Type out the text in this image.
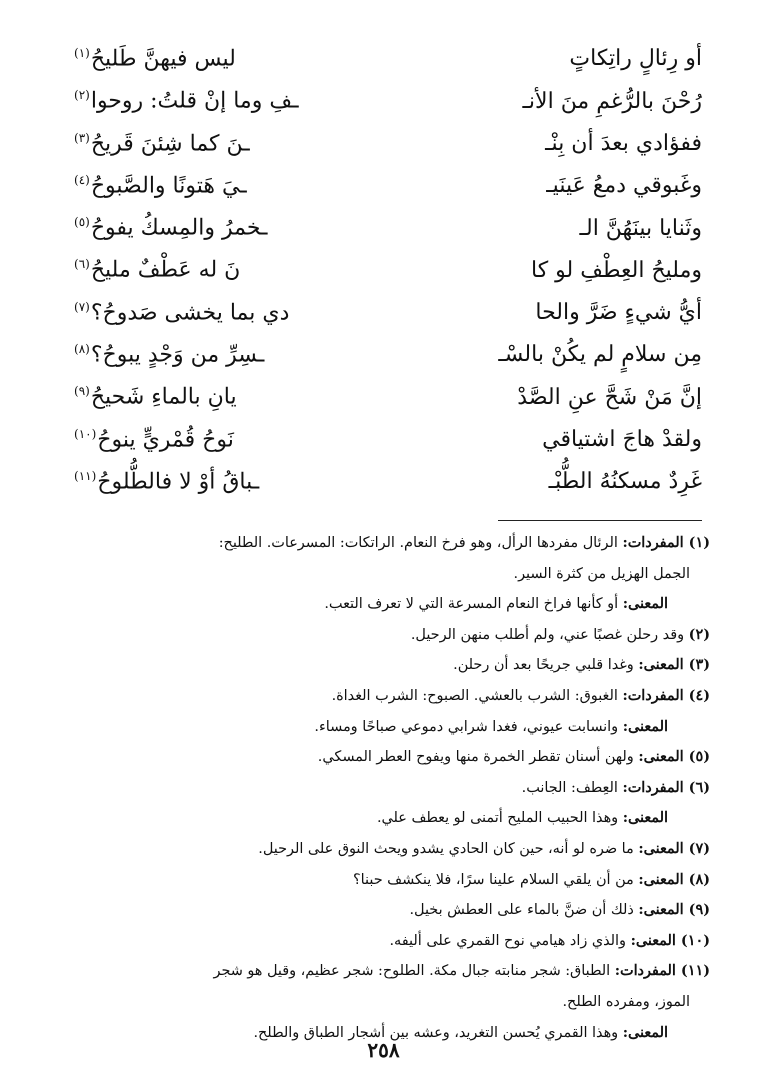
أو رِئالٍ راتِكاتٍ
ليس فيهنَّ طَليحُ$^{(١)}$
رُحْنَ بالرُّغمِ منَ الأنـ
ـفِ وما إنْ قلتُ: روحوا$^{(٢)}$
ففؤادي بعدَ أن بِنْـ
ـنَ كما شِئنَ قَريحُ$^{(٣)}$
وغَبوقي دمعُ عَينَيـ
ـيَ هَتونًا والصَّبوحُ$^{(٤)}$
وثَنايا بينَهُنَّ الـ
ـخمرُ والمِسكُ يفوحُ$^{(٥)}$
ومليحُ العِطْفِ لو كا
نَ له عَطْفٌ مليحُ$^{(٦)}$
أيُّ شيءٍ ضَرَّ والحا
دي بما يخشى صَدوحُ؟$^{(٧)}$
مِن سلامٍ لم يكُنْ بالسْـ
ـسِرِّ من وَجْدٍ يبوحُ؟$^{(٨)}$
إنَّ مَنْ شَحَّ عنِ الصَّدْ
يانِ بالماءِ شَحيحُ$^{(٩)}$
ولقدْ هاجَ اشتياقي
نَوحُ قُمْريٍّ ينوحُ$^{(١٠)}$
غَرِدٌ مسكنُهُ الطُّبْـ
ـباقُ أوْ لا فالطُّلوحُ$^{(١١)}$
(١) المفردات: الرئال مفردها الرأل، وهو فرخ النعام. الراتكات: المسرعات. الطليح:
الجمل الهزيل من كثرة السير.
المعنى: أو كأنها فراخ النعام المسرعة التي لا تعرف التعب.
(٢) وقد رحلن غصبًا عني، ولم أطلب منهن الرحيل.
(٣) المعنى: وغدا قلبي جريحًا بعد أن رحلن.
(٤) المفردات: الغبوق: الشرب بالعشي. الصبوح: الشرب الغداة.
المعنى: وانسابت عيوني، فغدا شرابي دموعي صباحًا ومساء.
(٥) المعنى: ولهن أسنان تقطر الخمرة منها ويفوح العطر المسكي.
(٦) المفردات: العِطف: الجانب.
المعنى: وهذا الحبيب المليح أتمنى لو يعطف علي.
(٧) المعنى: ما ضره لو أنه، حين كان الحادي يشدو ويحث النوق على الرحيل.
(٨) المعنى: من أن يلقي السلام علينا سرًا، فلا ينكشف حبنا؟
(٩) المعنى: ذلك أن ضنَّ بالماء على العطش بخيل.
(١٠) المعنى: والذي زاد هيامي نوح القمري على أليفه.
(١١) المفردات: الطباق: شجر منابته جبال مكة. الطلوح: شجر عظيم، وقيل هو شجر
الموز، ومفرده الطلح.
المعنى: وهذا القمري يُحسن التغريد، وعشه بين أشجار الطباق والطلح.
٢٥٨
